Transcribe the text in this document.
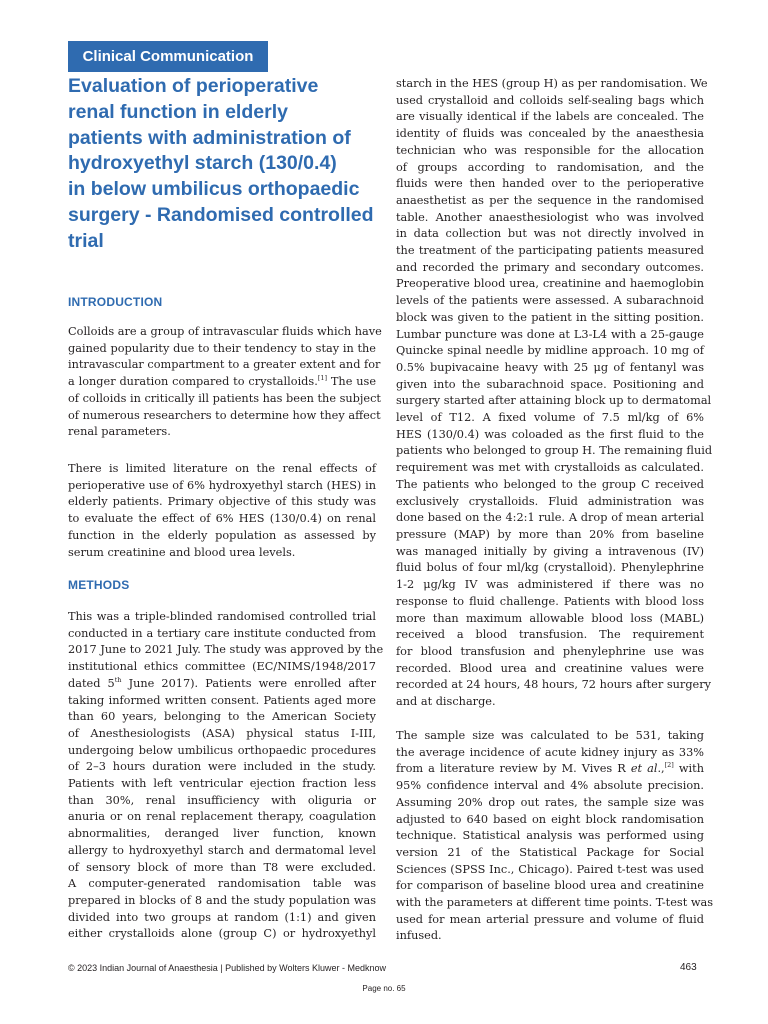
Clinical Communication
Evaluation of perioperative
renal function in elderly
patients with administration of
hydroxyethyl starch (130/0.4)
in below umbilicus orthopaedic
surgery - Randomised controlled
trial
INTRODUCTION

Colloids are a group of intravascular fluids which have
gained popularity due to their tendency to stay in the
intravascular compartment to a greater extent and for
a longer duration compared to crystalloids.[1] The use
of colloids in critically ill patients has been the subject
of numerous researchers to determine how they affect
renal parameters.

There is limited literature on the renal effects of
perioperative use of 6% hydroxyethyl starch (HES) in
elderly patients. Primary objective of this study was
to evaluate the effect of 6% HES (130/0.4) on renal
function in the elderly population as assessed by
serum creatinine and blood urea levels.

METHODS

This was a triple-blinded randomised controlled trial
conducted in a tertiary care institute conducted from
2017 June to 2021 July. The study was approved by the
institutional ethics committee (EC/NIMS/1948/2017
dated 5th June 2017). Patients were enrolled after
taking informed written consent. Patients aged more
than 60 years, belonging to the American Society
of Anesthesiologists (ASA) physical status I-III,
undergoing below umbilicus orthopaedic procedures
of 2–3 hours duration were included in the study.
Patients with left ventricular ejection fraction less
than 30%, renal insufficiency with oliguria or
anuria or on renal replacement therapy, coagulation
abnormalities, deranged liver function, known
allergy to hydroxyethyl starch and dermatomal level
of sensory block of more than T8 were excluded.
A computer-generated randomisation table was
prepared in blocks of 8 and the study population was
divided into two groups at random (1:1) and given
either crystalloids alone (group C) or hydroxyethyl

starch in the HES (group H) as per randomisation. We
used crystalloid and colloids self-sealing bags which
are visually identical if the labels are concealed. The
identity of fluids was concealed by the anaesthesia
technician who was responsible for the allocation
of groups according to randomisation, and the
fluids were then handed over to the perioperative
anaesthetist as per the sequence in the randomised
table. Another anaesthesiologist who was involved
in data collection but was not directly involved in
the treatment of the participating patients measured
and recorded the primary and secondary outcomes.
Preoperative blood urea, creatinine and haemoglobin
levels of the patients were assessed. A subarachnoid
block was given to the patient in the sitting position.
Lumbar puncture was done at L3-L4 with a 25-gauge
Quincke spinal needle by midline approach. 10 mg of
0.5% bupivacaine heavy with 25 μg of fentanyl was
given into the subarachnoid space. Positioning and
surgery started after attaining block up to dermatomal
level of T12. A fixed volume of 7.5 ml/kg of 6%
HES (130/0.4) was coloaded as the first fluid to the
patients who belonged to group H. The remaining fluid
requirement was met with crystalloids as calculated.
The patients who belonged to the group C received
exclusively crystalloids. Fluid administration was
done based on the 4:2:1 rule. A drop of mean arterial
pressure (MAP) by more than 20% from baseline
was managed initially by giving a intravenous (IV)
fluid bolus of four ml/kg (crystalloid). Phenylephrine
1-2 μg/kg IV was administered if there was no
response to fluid challenge. Patients with blood loss
more than maximum allowable blood loss (MABL)
received a blood transfusion. The requirement
for blood transfusion and phenylephrine use was
recorded. Blood urea and creatinine values were
recorded at 24 hours, 48 hours, 72 hours after surgery
and at discharge.

The sample size was calculated to be 531, taking
the average incidence of acute kidney injury as 33%
from a literature review by M. Vives R et al.,[2] with
95% confidence interval and 4% absolute precision.
Assuming 20% drop out rates, the sample size was
adjusted to 640 based on eight block randomisation
technique. Statistical analysis was performed using
version 21 of the Statistical Package for Social
Sciences (SPSS Inc., Chicago). Paired t-test was used
for comparison of baseline blood urea and creatinine
with the parameters at different time points. T-test was
used for mean arterial pressure and volume of fluid
infused.

© 2023 Indian Journal of Anaesthesia | Published by Wolters Kluwer - Medknow	463
Page no. 65
